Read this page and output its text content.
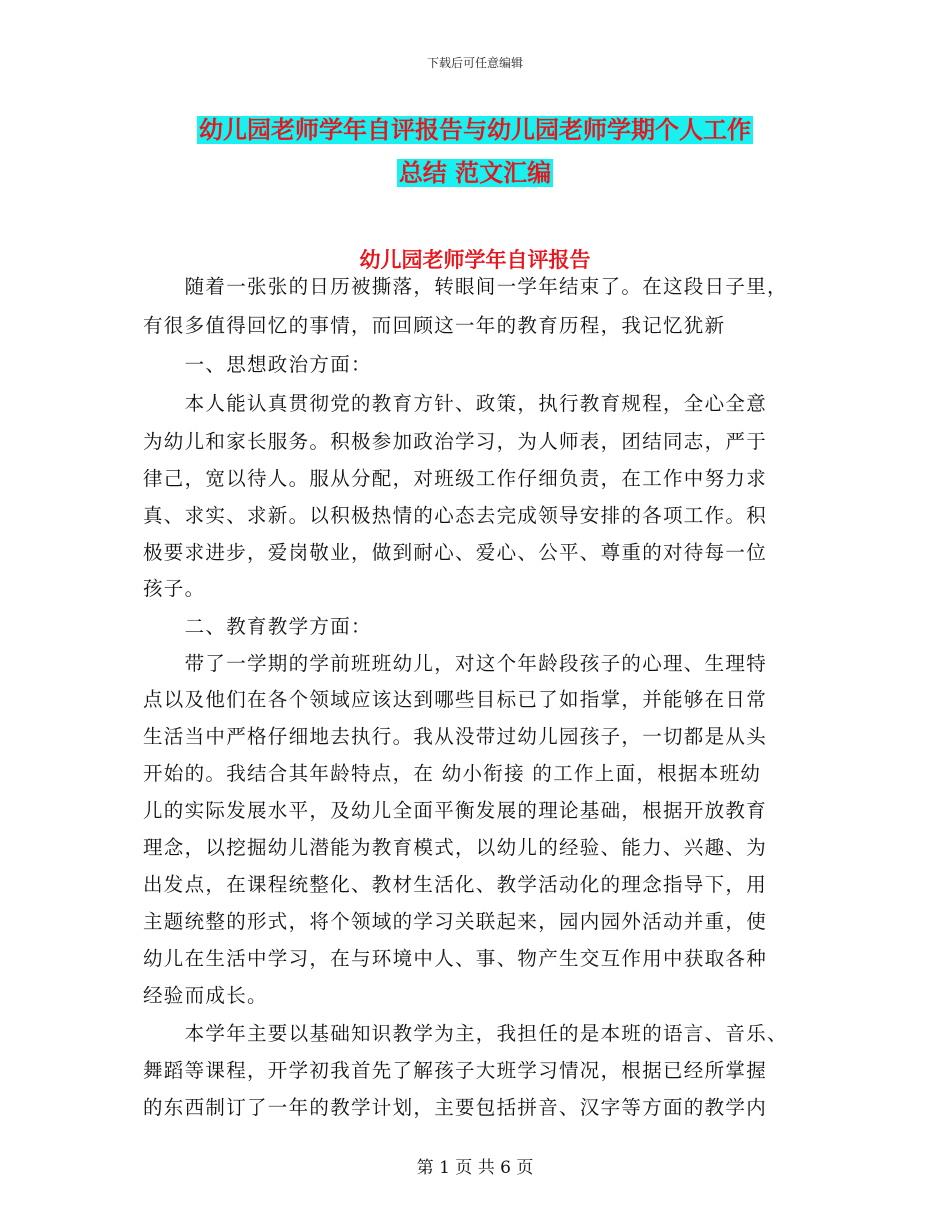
下载后可任意编辑
幼儿园老师学年自评报告与幼儿园老师学期个人工作
总结 范文汇编
幼儿园老师学年自评报告
　　随着一张张的日历被撕落，转眼间一学年结束了。在这段日子里，
有很多值得回忆的事情，而回顾这一年的教育历程，我记忆犹新
　　一、思想政治方面：
　　本人能认真贯彻党的教育方针、政策，执行教育规程，全心全意
为幼儿和家长服务。积极参加政治学习，为人师表，团结同志，严于
律己，宽以待人。服从分配，对班级工作仔细负责，在工作中努力求
真、求实、求新。以积极热情的心态去完成领导安排的各项工作。积
极要求进步，爱岗敬业，做到耐心、爱心、公平、尊重的对待每一位
孩子。
　　二、教育教学方面：
　　带了一学期的学前班班幼儿，对这个年龄段孩子的心理、生理特
点以及他们在各个领域应该达到哪些目标已了如指掌，并能够在日常
生活当中严格仔细地去执行。我从没带过幼儿园孩子，一切都是从头
开始的。我结合其年龄特点，在 幼小衔接 的工作上面，根据本班幼
儿的实际发展水平，及幼儿全面平衡发展的理论基础，根据开放教育
理念，以挖掘幼儿潜能为教育模式，以幼儿的经验、能力、兴趣、为
出发点，在课程统整化、教材生活化、教学活动化的理念指导下，用
主题统整的形式，将个领域的学习关联起来，园内园外活动并重，使
幼儿在生活中学习，在与环境中人、事、物产生交互作用中获取各种
经验而成长。
　　本学年主要以基础知识教学为主，我担任的是本班的语言、音乐、
舞蹈等课程，开学初我首先了解孩子大班学习情况，根据已经所掌握
的东西制订了一年的教学计划，主要包括拼音、汉字等方面的教学内
第 1 页 共 6 页
